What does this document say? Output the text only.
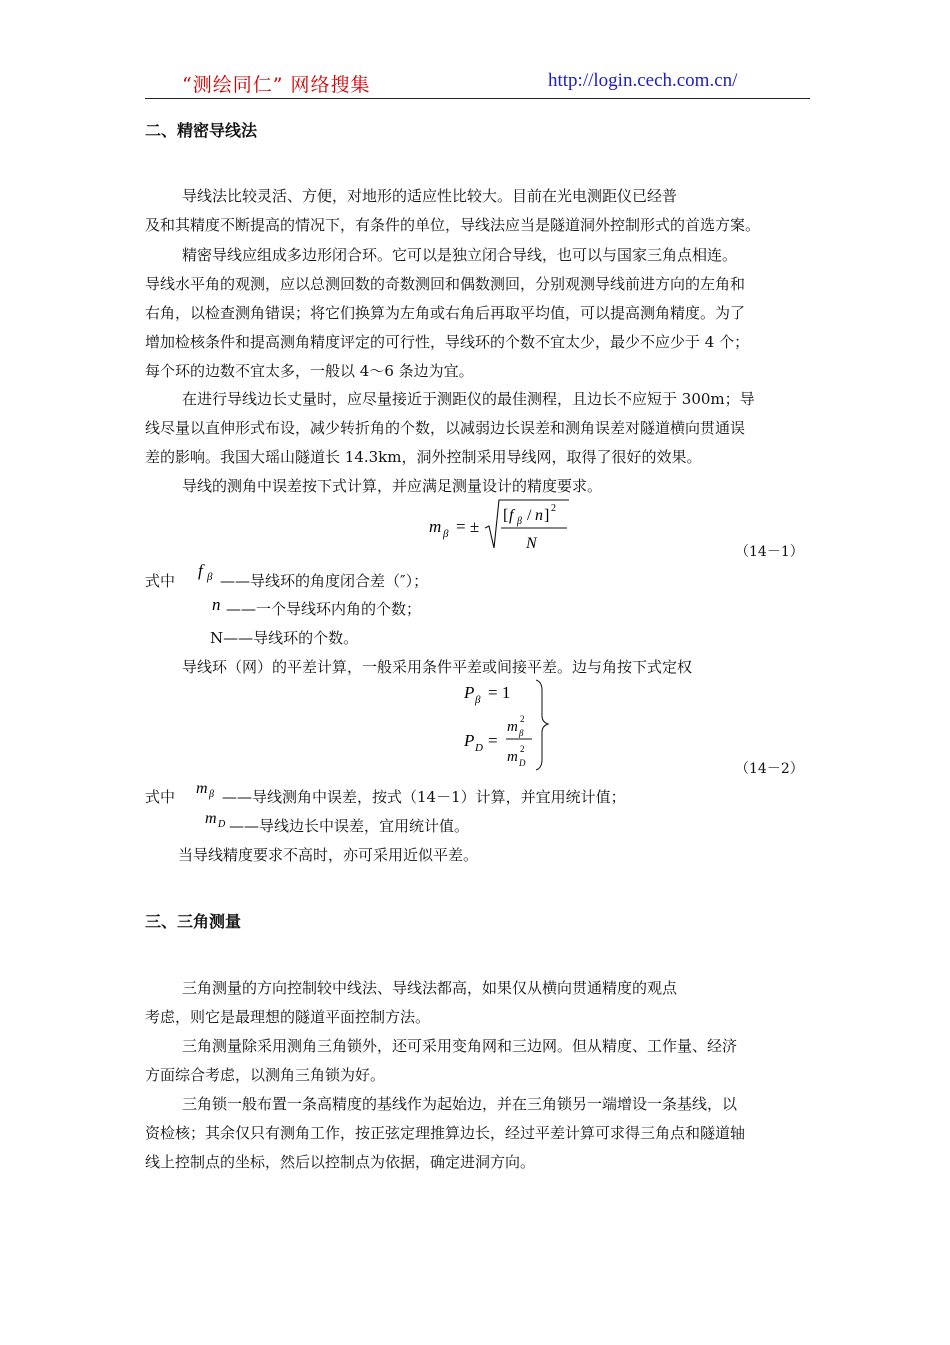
“测绘同仁” 网络搜集	http://login.cech.com.cn/
二、精密导线法
导线法比较灵活、方便，对地形的适应性比较大。目前在光电测距仪已经普
及和其精度不断提高的情况下，有条件的单位，导线法应当是隧道洞外控制形式的首选方案。
精密导线应组成多边形闭合环。它可以是独立闭合导线，也可以与国家三角点相连。
导线水平角的观测，应以总测回数的奇数测回和偶数测回，分别观测导线前进方向的左角和
右角，以检查测角错误；将它们换算为左角或右角后再取平均值，可以提高测角精度。为了
增加检核条件和提高测角精度评定的可行性，导线环的个数不宜太少，最少不应少于 4 个；
每个环的边数不宜太多，一般以 4～6 条边为宜。
在进行导线边长丈量时，应尽量接近于测距仪的最佳测程，且边长不应短于 300m；导
线尽量以直伸形式布设，减少转折角的个数，以减弱边长误差和测角误差对隧道横向贯通误
差的影响。我国大瑶山隧道长 14.3km，洞外控制采用导线网，取得了很好的效果。
导线的测角中误差按下式计算，并应满足测量设计的精度要求。
m β = ±
[ f β / n ] 2
N	（14－1）
式中
f β ——导线环的角度闭合差（″）；
n ——一个导线环内角的个数；
N——导线环的个数。
导线环（网）的平差计算，一般采用条件平差或间接平差。边与角按下式定权
P β = 1
P D =
m 2
β
m 2
D	（14－2）
式中 m β ——导线测角中误差，按式（14－1）计算，并宜用统计值；
m D ——导线边长中误差，宜用统计值。
当导线精度要求不高时，亦可采用近似平差。
三、三角测量
三角测量的方向控制较中线法、导线法都高，如果仅从横向贯通精度的观点
考虑，则它是最理想的隧道平面控制方法。
三角测量除采用测角三角锁外，还可采用变角网和三边网。但从精度、工作量、经济
方面综合考虑，以测角三角锁为好。
三角锁一般布置一条高精度的基线作为起始边，并在三角锁另一端增设一条基线，以
资检核；其余仅只有测角工作，按正弦定理推算边长，经过平差计算可求得三角点和隧道轴
线上控制点的坐标，然后以控制点为依据，确定进洞方向。
